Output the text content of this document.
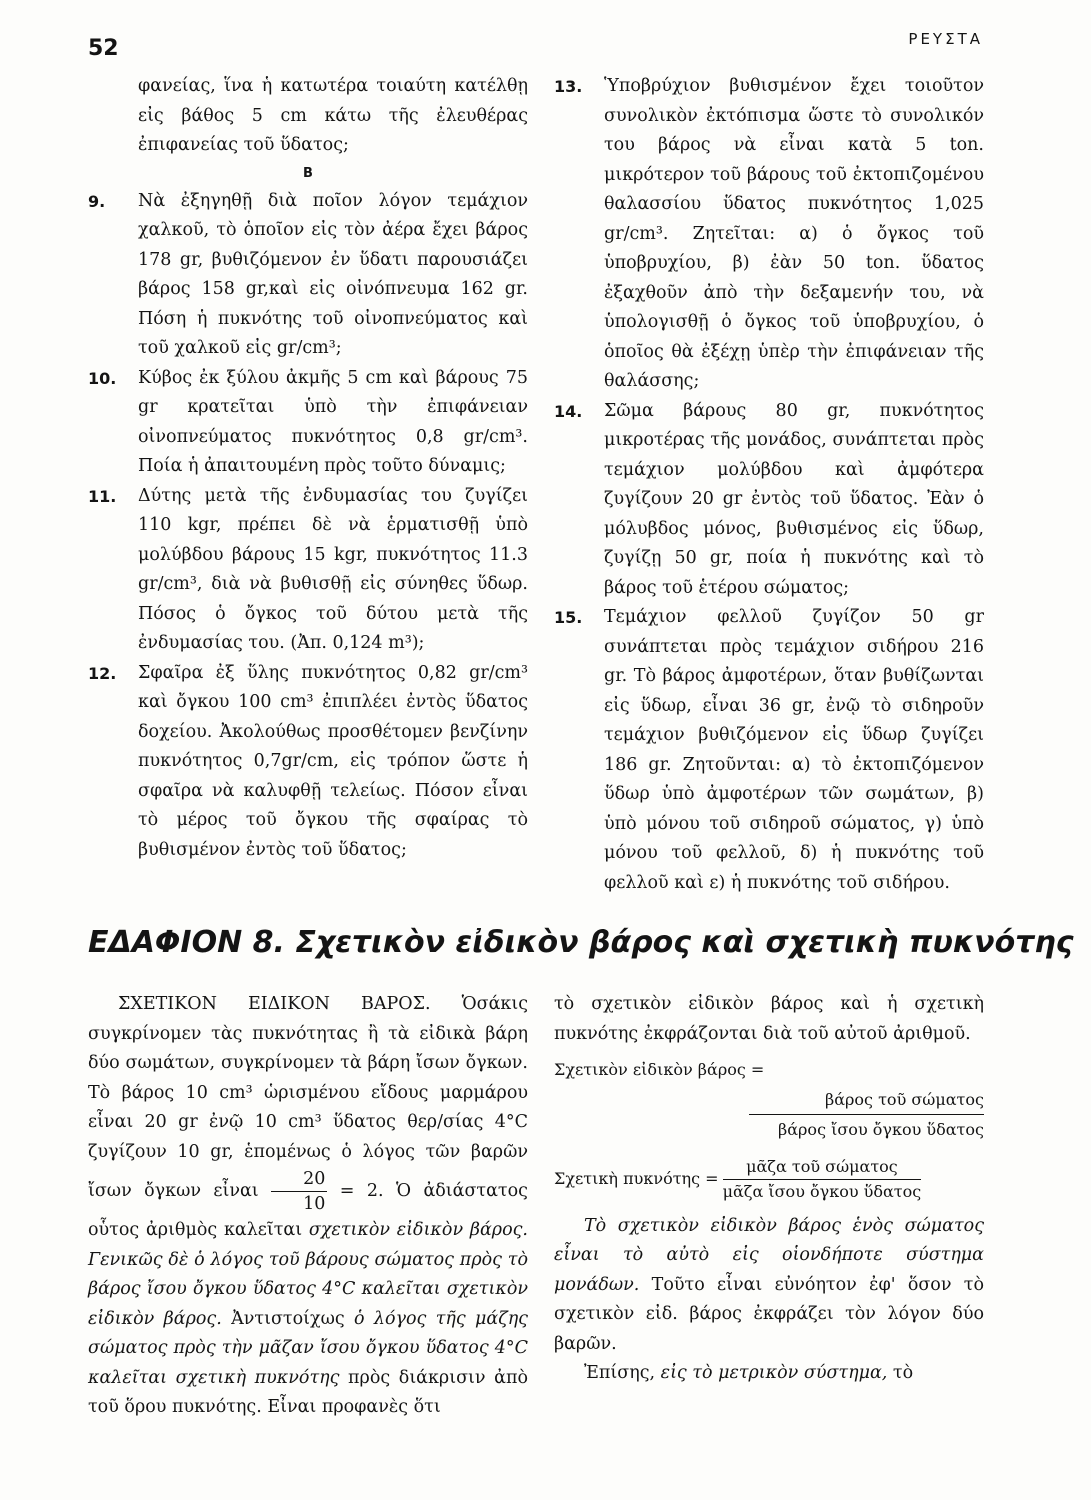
52	ΡΕΥΣΤΑ
φανείας, ἵνα ἡ κατωτέρα τοιαύτη κατέλθῃ εἰς βάθος 5 cm κάτω τῆς ἐλευθέρας ἐπιφανείας τοῦ ὕδατος;
B
9.	Νὰ ἐξηγηθῇ διὰ ποῖον λόγον τεμάχιον χαλκοῦ, τὸ ὁποῖον εἰς τὸν ἀέρα ἔχει βάρος 178 gr, βυθιζόμενον ἐν ὕδατι παρουσιάζει βάρος 158 gr,καὶ εἰς οἰνόπνευμα 162 gr. Πόση ἡ πυκνότης τοῦ οἰνοπνεύματος καὶ τοῦ χαλκοῦ εἰς gr/cm³;
10.	Κύβος ἐκ ξύλου ἀκμῆς 5 cm καὶ βάρους 75 gr κρατεῖται ὑπὸ τὴν ἐπιφάνειαν οἰνοπνεύματος πυκνότητος 0,8 gr/cm³. Ποία ἡ ἀπαιτουμένη πρὸς τοῦτο δύναμις;
11.	Δύτης μετὰ τῆς ἐνδυμασίας του ζυγίζει 110 kgr, πρέπει δὲ νὰ ἑρματισθῇ ὑπὸ μολύβδου βάρους 15 kgr, πυκνότητος 11.3 gr/cm³, διὰ νὰ βυθισθῇ εἰς σύνηθες ὕδωρ. Πόσος ὁ ὄγκος τοῦ δύτου μετὰ τῆς ἐνδυμασίας του. (Ἀπ. 0,124 m³);
12.	Σφαῖρα ἐξ ὕλης πυκνότητος 0,82 gr/cm³ καὶ ὄγκου 100 cm³ ἐπιπλέει ἐντὸς ὕδατος δοχείου. Ἀκολούθως προσθέτομεν βενζίνην πυκνότητος 0,7gr/cm, εἰς τρόπον ὥστε ἡ σφαῖρα νὰ καλυφθῇ τελείως. Πόσον εἶναι τὸ μέρος τοῦ ὄγκου τῆς σφαίρας τὸ βυθισμένον ἐντὸς τοῦ ὕδατος;
13.	Ὑποβρύχιον βυθισμένον ἔχει τοιοῦτον συνολικὸν ἐκτόπισμα ὥστε τὸ συνολικόν του βάρος νὰ εἶναι κατὰ 5 ton. μικρότερον τοῦ βάρους τοῦ ἐκτοπιζομένου θαλασσίου ὕδατος πυκνότητος 1,025 gr/cm³. Ζητεῖται: α) ὁ ὄγκος τοῦ ὑποβρυχίου, β) ἐὰν 50 ton. ὕδατος ἐξαχθοῦν ἀπὸ τὴν δεξαμενήν του, νὰ ὑπολογισθῇ ὁ ὄγκος τοῦ ὑποβρυχίου, ὁ ὁποῖος θὰ ἐξέχῃ ὑπὲρ τὴν ἐπιφάνειαν τῆς θαλάσσης;
14.	Σῶμα βάρους 80 gr, πυκνότητος μικροτέρας τῆς μονάδος, συνάπτεται πρὸς τεμάχιον μολύβδου καὶ ἀμφότερα ζυγίζουν 20 gr ἐντὸς τοῦ ὕδατος. Ἐὰν ὁ μόλυβδος μόνος, βυθισμένος εἰς ὕδωρ, ζυγίζῃ 50 gr, ποία ἡ πυκνότης καὶ τὸ βάρος τοῦ ἑτέρου σώματος;
15.	Τεμάχιον φελλοῦ ζυγίζον 50 gr συνάπτεται πρὸς τεμάχιον σιδήρου 216 gr. Τὸ βάρος ἀμφοτέρων, ὅταν βυθίζωνται εἰς ὕδωρ, εἶναι 36 gr, ἐνῷ τὸ σιδηροῦν τεμάχιον βυθιζόμενον εἰς ὕδωρ ζυγίζει 186 gr. Ζητοῦνται: α) τὸ ἐκτοπιζόμενον ὕδωρ ὑπὸ ἀμφοτέρων τῶν σωμάτων, β) ὑπὸ μόνου τοῦ σιδηροῦ σώματος, γ) ὑπὸ μόνου τοῦ φελλοῦ, δ) ἡ πυκνότης τοῦ φελλοῦ καὶ ε) ἡ πυκνότης τοῦ σιδήρου.
ΕΔΑΦΙΟΝ 8. Σχετικὸν εἰδικὸν βάρος καὶ σχετικὴ πυκνότης

ΣΧΕΤΙΚΟΝ ΕΙΔΙΚΟΝ ΒΑΡΟΣ. Ὁσάκις συγκρίνομεν τὰς πυκνότητας ἢ τὰ εἰδικὰ βάρη δύο σωμάτων, συγκρίνομεν τὰ βάρη ἴσων ὄγκων. Τὸ βάρος 10 cm³ ὡρισμένου εἴδους μαρμάρου εἶναι 20 gr ἐνῷ 10 cm³ ὕδατος θερ/σίας 4°C ζυγίζουν 10 gr, ἑπομένως ὁ λόγος τῶν βαρῶν ἴσων ὄγκων εἶναι $\frac{20}{10} = 2$. Ὁ ἀδιάστατος οὗτος ἀριθμὸς καλεῖται σχετικὸν εἰδικὸν βάρος. Γενικῶς δὲ ὁ λόγος τοῦ βάρους σώματος πρὸς τὸ βάρος ἴσου ὄγκου ὕδατος 4°C καλεῖται σχετικὸν εἰδικὸν βάρος. Ἀντιστοίχως ὁ λόγος τῆς μάζης σώματος πρὸς τὴν μᾶζαν ἴσου ὄγκου ὕδατος 4°C καλεῖται σχετικὴ πυκνότης πρὸς διάκρισιν ἀπὸ τοῦ ὅρου πυκνότης. Εἶναι προφανὲς ὅτι

τὸ σχετικὸν εἰδικὸν βάρος καὶ ἡ σχετικὴ πυκνότης ἐκφράζονται διὰ τοῦ αὐτοῦ ἀριθμοῦ.

Σχετικὸν εἰδικὸν βάρος =
βάρος τοῦ σώματος
βάρος ἴσου ὄγκου ὕδατος
Σχετικὴ $\pi\upsilon\kappa\nu ό\tau\eta\varsigma = \frac{\text{μᾶζα τοῦ σώματος}}{\text{μᾶζα ἴσου ὄγκου ὕδατος}}$

Τὸ σχετικὸν εἰδικὸν βάρος ἑνὸς σώματος εἶναι τὸ αὐτὸ εἰς οἱονδήποτε σύστημα μονάδων. Τοῦτο εἶναι εὐνόητον ἐφ' ὅσον τὸ σχετικὸν εἰδ. βάρος ἐκφράζει τὸν λόγον δύο βαρῶν.

Ἐπίσης, εἰς τὸ μετρικὸν σύστημα, τὸ
